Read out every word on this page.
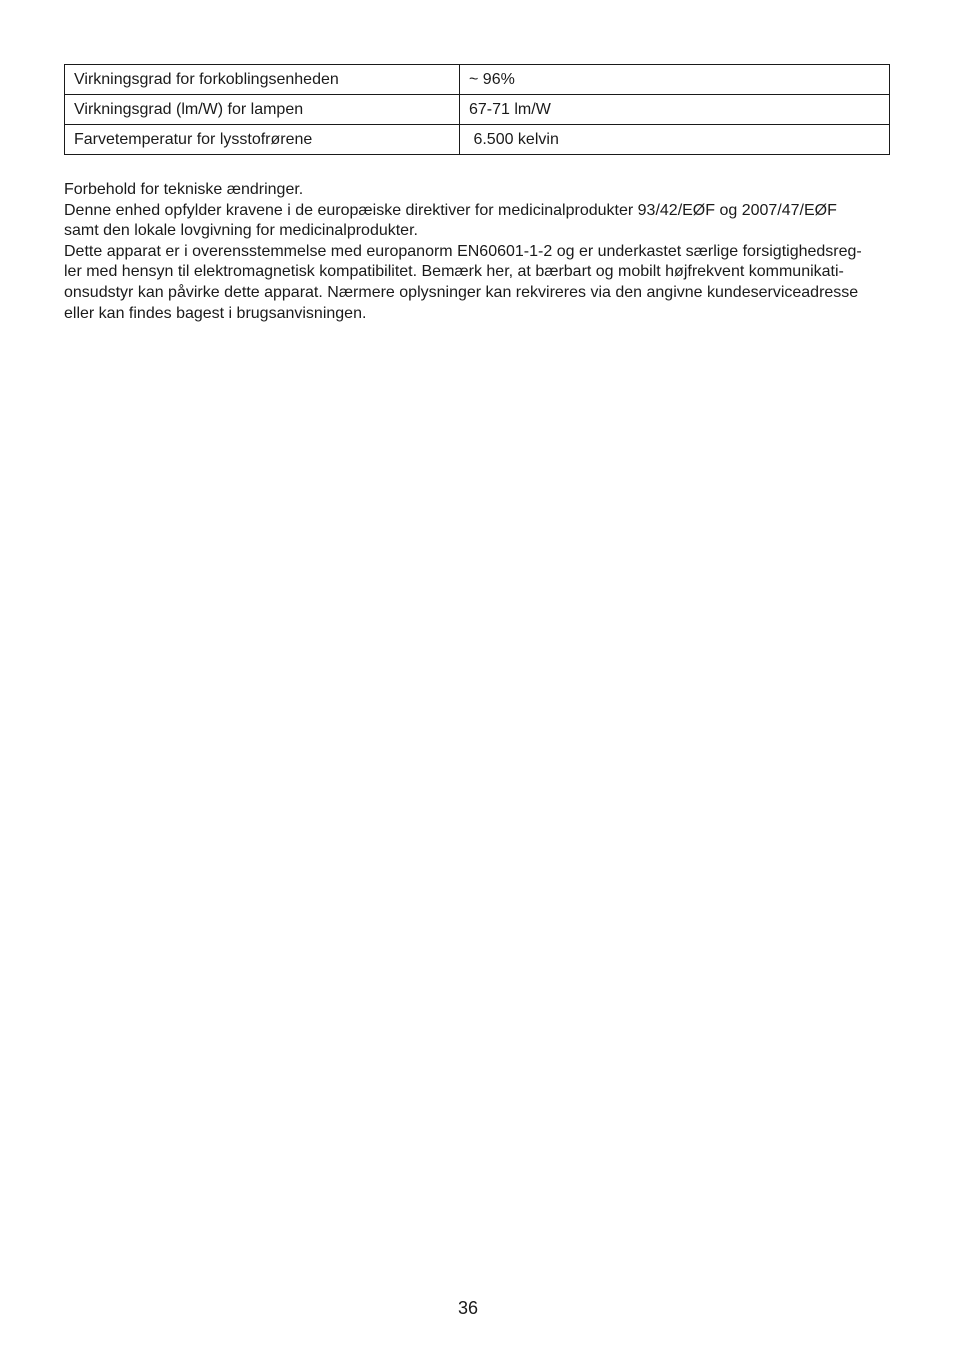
Virkningsgrad for forkoblingsenheden	~ 96%
Virkningsgrad (lm/W) for lampen	67-71 lm/W
Farvetemperatur for lysstofrørene	6.500 kelvin

Forbehold for tekniske ændringer.

Denne enhed opfylder kravene i de europæiske direktiver for medicinalprodukter 93/42/EØF og 2007/47/EØF

samt den lokale lovgivning for medicinalprodukter.

Dette apparat er i overensstemmelse med europanorm EN60601-1-2 og er underkastet særlige forsigtighedsreg-

ler med hensyn til elektromagnetisk kompatibilitet. Bemærk her, at bærbart og mobilt højfrekvent kommunikati-

onsudstyr kan påvirke dette apparat. Nærmere oplysninger kan rekvireres via den angivne kundeserviceadresse

eller kan findes bagest i brugsanvisningen.

36
